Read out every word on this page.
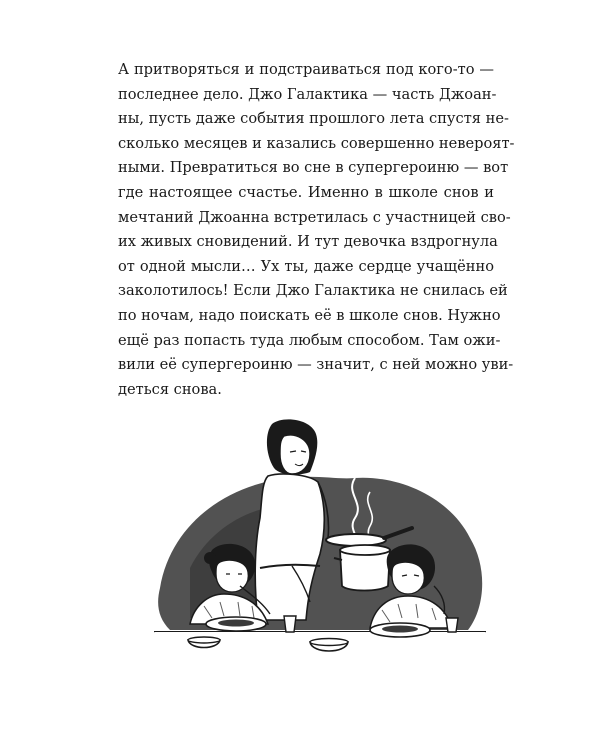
А притворяться и подстраиваться под кого-то —
последнее дело. Джо Галактика — часть Джоан-
ны, пусть даже события прошлого лета спустя не-
сколько месяцев и казались совершенно невероят-
ными. Превратиться во сне в супергероиню — вот
где настоящее счастье. Именно в школе снов и
мечтаний Джоанна встретилась с участницей сво-
их живых сновидений. И тут девочка вздрогнула
от одной мысли… Ух ты, даже сердце учащённо
заколотилось! Если Джо Галактика не снилась ей
по ночам, надо поискать её в школе снов. Нужно
ещё раз попасть туда любым способом. Там ожи-
вили её супергероиню — значит, с ней можно уви-
деться снова.
